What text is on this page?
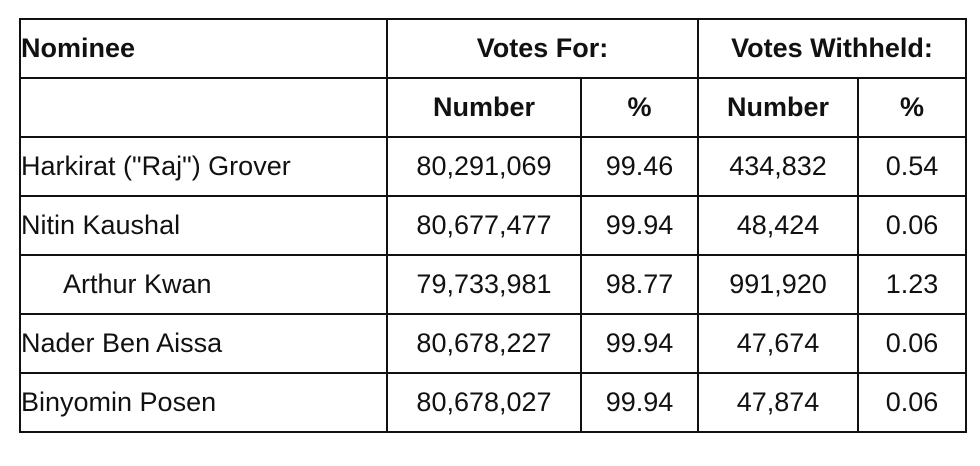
Nominee	Votes For:		Votes Withheld:	
	Number	%	Number	%
Harkirat ("Raj") Grover	80,291,069	99.46	434,832	0.54
Nitin Kaushal	80,677,477	99.94	48,424	0.06
Arthur Kwan	79,733,981	98.77	991,920	1.23
Nader Ben Aissa	80,678,227	99.94	47,674	0.06
Binyomin Posen	80,678,027	99.94	47,874	0.06
